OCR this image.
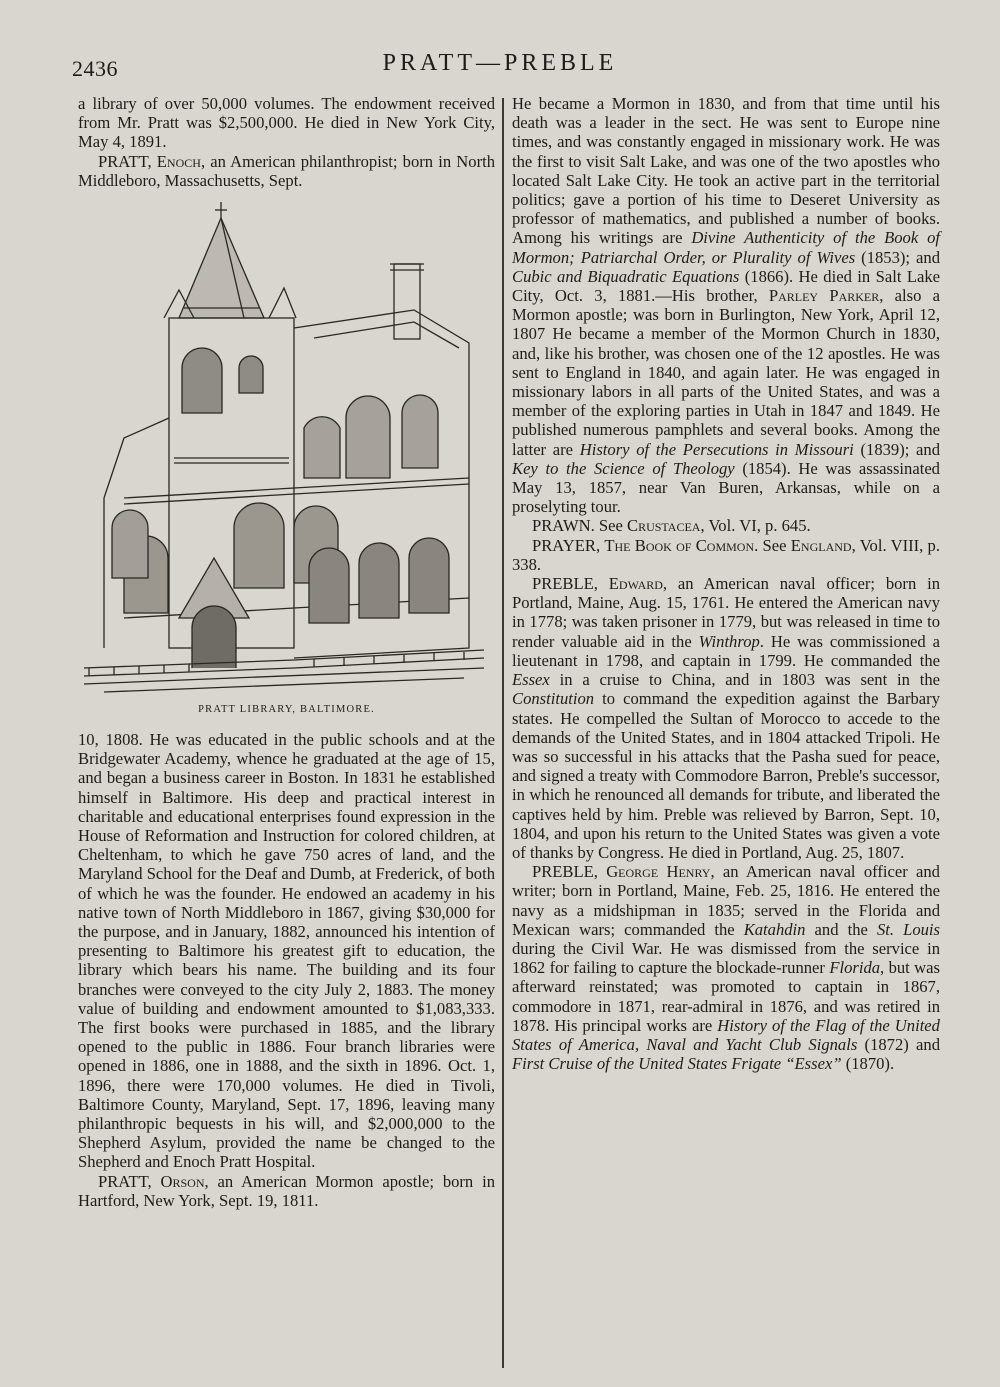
2436	PRATT—PREBLE

a library of over 50,000 volumes. The endowment received from Mr. Pratt was $2,500,000. He died in New York City, May 4, 1891.

PRATT, Enoch, an American philanthropist; born in North Middleboro, Massachusetts, Sept.

PRATT LIBRARY, BALTIMORE.

10, 1808. He was educated in the public schools and at the Bridgewater Academy, whence he graduated at the age of 15, and began a business career in Boston. In 1831 he established himself in Baltimore. His deep and practical interest in charitable and educational enterprises found expression in the House of Reformation and Instruction for colored children, at Cheltenham, to which he gave 750 acres of land, and the Maryland School for the Deaf and Dumb, at Frederick, of both of which he was the founder. He endowed an academy in his native town of North Middleboro in 1867, giving $30,000 for the purpose, and in January, 1882, announced his intention of presenting to Baltimore his greatest gift to education, the library which bears his name. The building and its four branches were conveyed to the city July 2, 1883. The money value of building and endowment amounted to $1,083,333. The first books were purchased in 1885, and the library opened to the public in 1886. Four branch libraries were opened in 1886, one in 1888, and the sixth in 1896. Oct. 1, 1896, there were 170,000 volumes. He died in Tivoli, Baltimore County, Maryland, Sept. 17, 1896, leaving many philanthropic bequests in his will, and $2,000,000 to the Shepherd Asylum, provided the name be changed to the Shepherd and Enoch Pratt Hospital.

PRATT, Orson, an American Mormon apostle; born in Hartford, New York, Sept. 19, 1811.

He became a Mormon in 1830, and from that time until his death was a leader in the sect. He was sent to Europe nine times, and was constantly engaged in missionary work. He was the first to visit Salt Lake, and was one of the two apostles who located Salt Lake City. He took an active part in the territorial politics; gave a portion of his time to Deseret University as professor of mathematics, and published a number of books. Among his writings are Divine Authenticity of the Book of Mormon; Patriarchal Order, or Plurality of Wives (1853); and Cubic and Biquadratic Equations (1866). He died in Salt Lake City, Oct. 3, 1881.—His brother, Parley Parker, also a Mormon apostle; was born in Burlington, New York, April 12, 1807 He became a member of the Mormon Church in 1830, and, like his brother, was chosen one of the 12 apostles. He was sent to England in 1840, and again later. He was engaged in missionary labors in all parts of the United States, and was a member of the exploring parties in Utah in 1847 and 1849. He published numerous pamphlets and several books. Among the latter are History of the Persecutions in Missouri (1839); and Key to the Science of Theology (1854). He was assassinated May 13, 1857, near Van Buren, Arkansas, while on a proselyting tour.

PRAWN. See Crustacea, Vol. VI, p. 645.

PRAYER, The Book of Common. See England, Vol. VIII, p. 338.

PREBLE, Edward, an American naval officer; born in Portland, Maine, Aug. 15, 1761. He entered the American navy in 1778; was taken prisoner in 1779, but was released in time to render valuable aid in the Winthrop. He was commissioned a lieutenant in 1798, and captain in 1799. He commanded the Essex in a cruise to China, and in 1803 was sent in the Constitution to command the expedition against the Barbary states. He compelled the Sultan of Morocco to accede to the demands of the United States, and in 1804 attacked Tripoli. He was so successful in his attacks that the Pasha sued for peace, and signed a treaty with Commodore Barron, Preble's successor, in which he renounced all demands for tribute, and liberated the captives held by him. Preble was relieved by Barron, Sept. 10, 1804, and upon his return to the United States was given a vote of thanks by Congress. He died in Portland, Aug. 25, 1807.

PREBLE, George Henry, an American naval officer and writer; born in Portland, Maine, Feb. 25, 1816. He entered the navy as a midshipman in 1835; served in the Florida and Mexican wars; commanded the Katahdin and the St. Louis during the Civil War. He was dismissed from the service in 1862 for failing to capture the blockade-runner Florida, but was afterward reinstated; was promoted to captain in 1867, commodore in 1871, rear-admiral in 1876, and was retired in 1878. His principal works are History of the Flag of the United States of America, Naval and Yacht Club Signals (1872) and First Cruise of the United States Frigate “Essex” (1870).
